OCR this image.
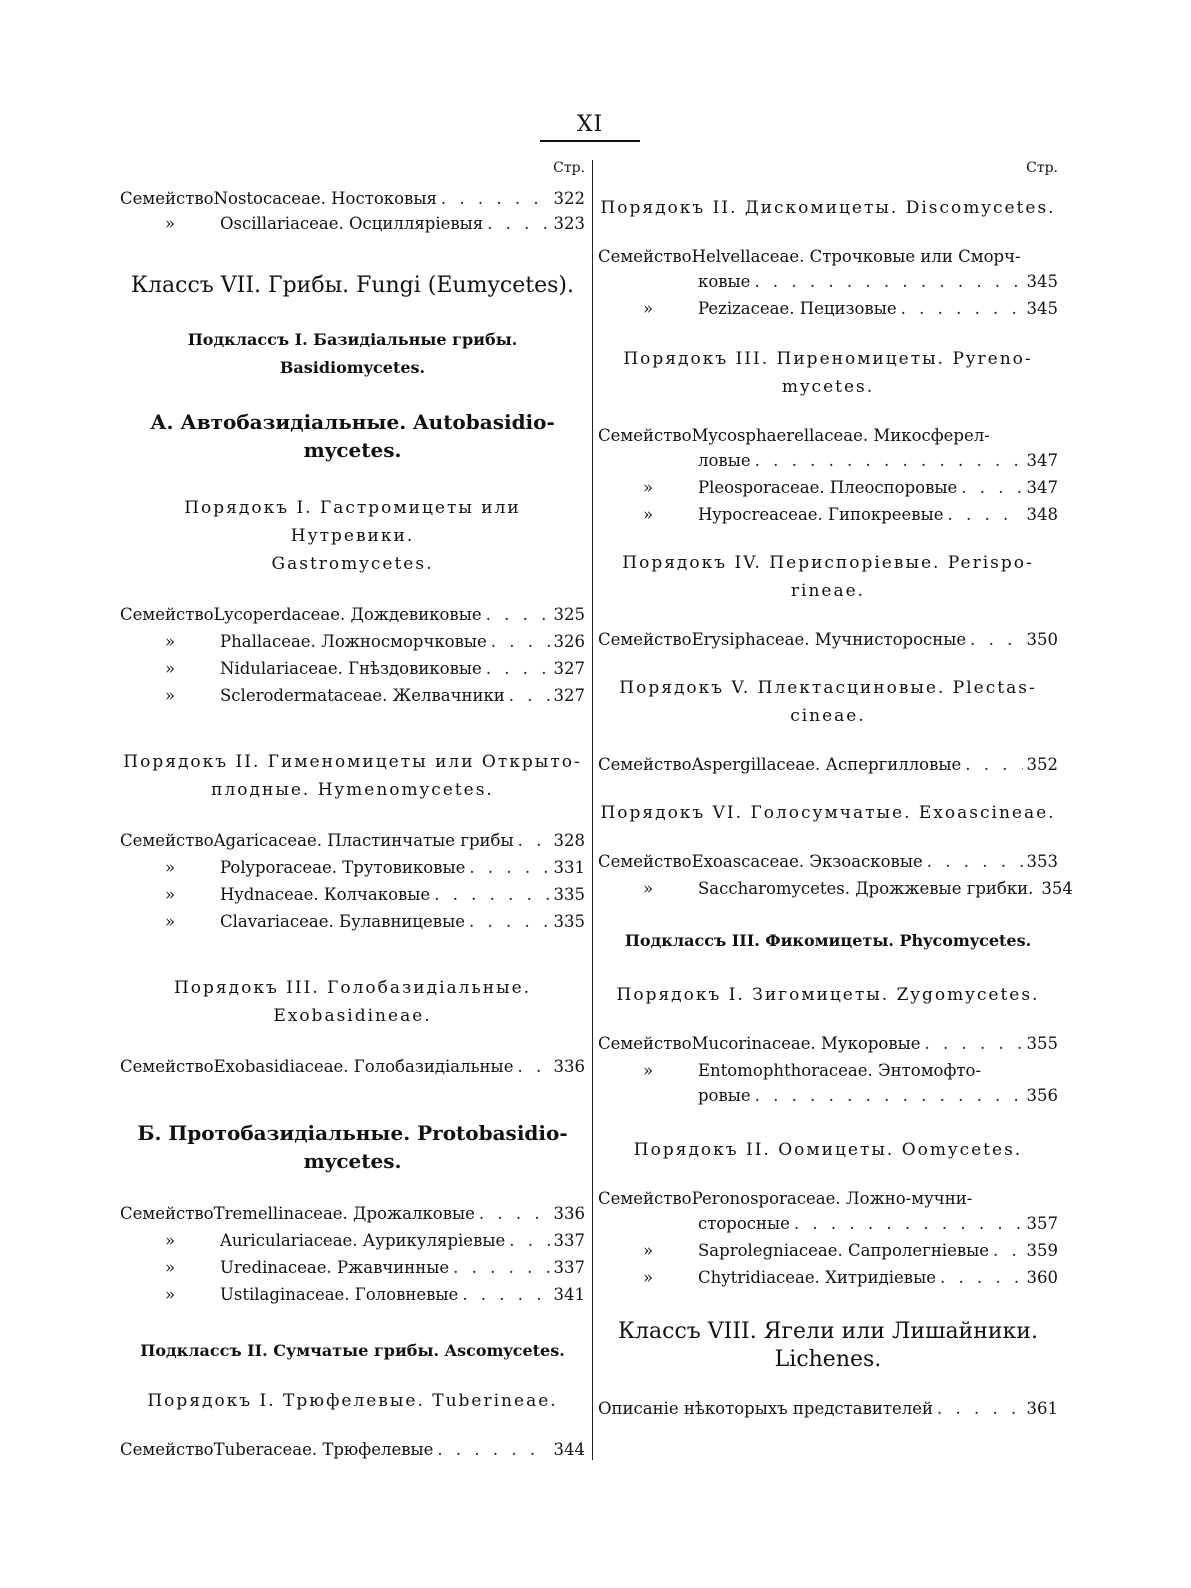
XI
Стр.
Семейство Nostocaceae. Ностоковыя . . .	322
»	Oscillariaceae. Осцилляріевыя . . .	323
Классъ VII. Грибы. Fungi (Eumycetes).
Подклассъ I. Базидіальные грибы. Basidiomycetes.
А. Автобазидіальные. Autobasidio-
mycetes.
Порядокъ I. Гастромицеты или Нутревики.
Gastromycetes.
Семейство Lycoperdaceae. Дождевиковые . . .	325
»	Phallaceae. Ложносморчковые . . .	326
»	Nidulariaceae. Гнѣздовиковые . . .	327
»	Sclerodermataceae. Желвачники . . .	327
Порядокъ II. Гименомицеты или Открыто-
плодные. Hymenomycetes.
Семейство Agaricaceae. Пластинчатые грибы . . . 328
»	Polyporaceae. Трутовиковые . . .	331
»	Hydnaceae. Колчаковые . . .	335
»	Clavariaceae. Булавницевые . . .	335
Порядокъ III. Голобазидіальные.
Exobasidineae.
Семейство Exobasidiaceae. Голобазидіальные . . . 336
Б. Протобазидіальные. Protobasidio-
mycetes.
Семейство Tremellinaceae. Дрожалковые . . .	336
»	Auriculariaceae. Аурикуляріевые . . .	337
»	Uredinaceae. Ржавчинные . . .	337
»	Ustilaginaceae. Головневые . . .	341
Подклассъ II. Сумчатые грибы. Ascomycetes.
Порядокъ I. Трюфелевые. Tuberineae.
Семейство Tuberaceae. Трюфелевые . . .	344
Стр.
Порядокъ II. Дискомицеты. Discomycetes.
Семейство Helvellaceae. Строчковые или Сморч-
ковые . . .	345
»	Pezizaceae. Пецизовые . . .	345
Порядокъ III. Пиреномицеты. Pyreno-
mycetes.
Семейство Mycosphaerellaceae. Микосферел-
ловые . . .	347
»	Pleosporaceae. Плеоспоровые . . .	347
»	Hypocreaceae. Гипокреевые . . .	348
Порядокъ IV. Периспоріевые. Perispo-
rineae.
Семейство Erysiphaceae. Мучнисторосные . . .	350
Порядокъ V. Плектасциновые. Plectas-
cineae.
Семейство Aspergillaceae. Аспергилловые . . .	352
Порядокъ VI. Голосумчатые. Exoascineae.
Семейство Exoascaceae. Экзоасковые . . .	353
»	Saccharomycetes. Дрожжевые грибки. 354
Подклассъ III. Фикомицеты. Phycomycetes.
Порядокъ I. Зигомицеты. Zygomycetes.
Семейство Mucorinaceae. Мукоровые . . .	355
»	Entomophthoraceae. Энтомофто-
ровые . . .	356
Порядокъ II. Оомицеты. Oomycetes.
Семейство Peronosporaceae. Ложно-мучни-
сторосные . . .	357
»	Saprolegniaceae. Сапролегніевые . . . 359
»	Chytridiaceae. Хитридіевые . . .	360
Классъ VIII. Ягели или Лишайники.
Lichenes.
Описаніе нѣкоторыхъ представителей . . .	361
